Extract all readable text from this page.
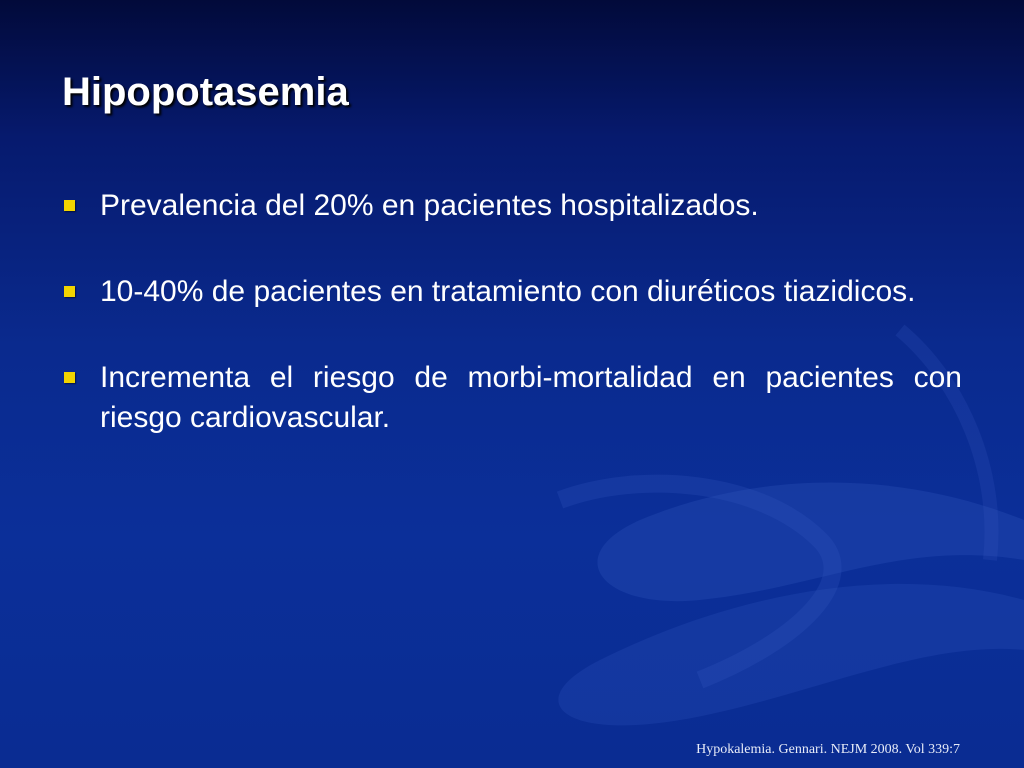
Hipopotasemia
Prevalencia del 20% en pacientes hospitalizados.
10-40% de pacientes en tratamiento con diuréticos tiazidicos.
Incrementa el riesgo de morbi-mortalidad en pacientes con riesgo cardiovascular.
Hypokalemia. Gennari. NEJM 2008. Vol 339:7
